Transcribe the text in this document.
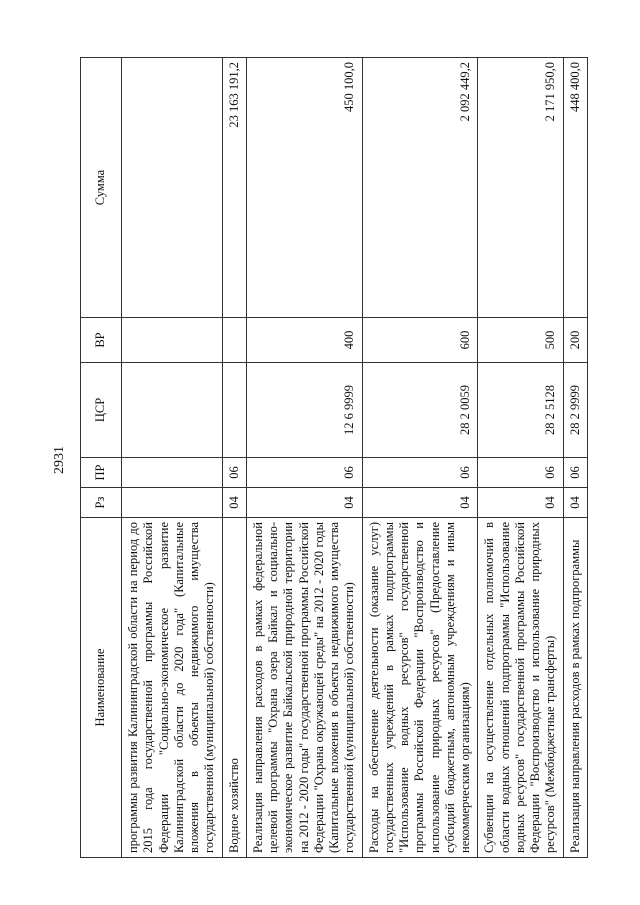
2931
Наименование	Рз	ПР	ЦСР	ВР	Сумма
программы развития Калининградской области на период до 2015 года государственной программы Российской Федерации "Социально-экономическое развитие Калининградской области до 2020 года" (Капитальные вложения в объекты недвижимого имущества государственной (муниципальной) собственности)					
Водное хозяйство	04	06			23 163 191,2
Реализация направления расходов в рамках федеральной целевой программы "Охрана озера Байкал и социально-экономическое развитие Байкальской природной территории на 2012 - 2020 годы" государственной программы Российской Федерации "Охрана окружающей среды" на 2012 - 2020 годы (Капитальные вложения в объекты недвижимого имущества государственной (муниципальной) собственности)	04	06	12 6 9999	400	450 100,0
Расходы на обеспечение деятельности (оказание услуг) государственных учреждений в рамках подпрограммы "Использование водных ресурсов" государственной программы Российской Федерации "Воспроизводство и использование природных ресурсов" (Предоставление субсидий бюджетным, автономным учреждениям и иным некоммерческим организациям)	04	06	28 2 0059	600	2 092 449,2
Субвенции на осуществление отдельных полномочий в области водных отношений подпрограммы "Использование водных ресурсов" государственной программы Российской Федерации "Воспроизводство и использование природных ресурсов" (Межбюджетные трансферты)	04	06	28 2 5128	500	2 171 950,0
Реализация направления расходов в рамках подпрограммы	04	06	28 2 9999	200	448 400,0
